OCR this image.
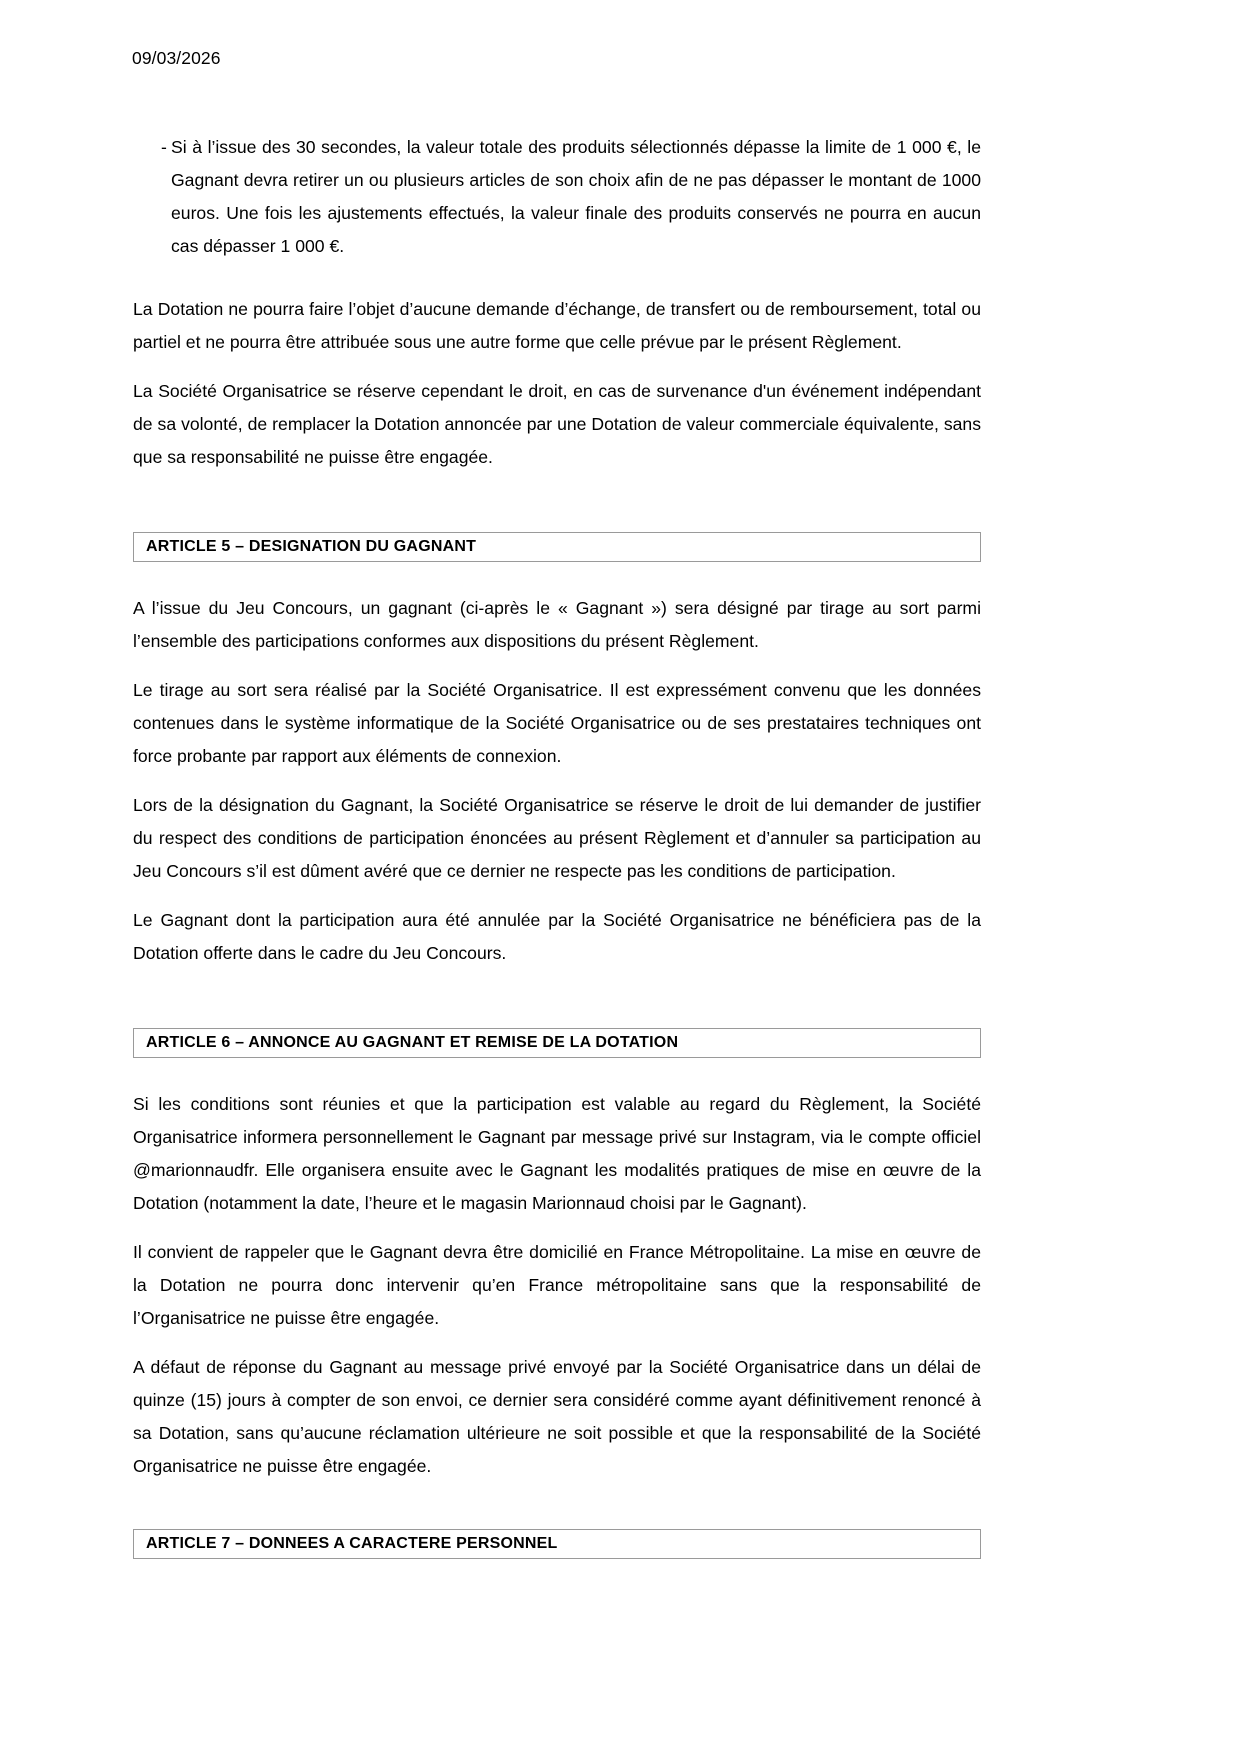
09/03/2026
- Si à l’issue des 30 secondes, la valeur totale des produits sélectionnés dépasse la limite de 1 000 €, le Gagnant devra retirer un ou plusieurs articles de son choix afin de ne pas dépasser le montant de 1000 euros. Une fois les ajustements effectués, la valeur finale des produits conservés ne pourra en aucun cas dépasser 1 000 €.

La Dotation ne pourra faire l’objet d’aucune demande d’échange, de transfert ou de remboursement, total ou partiel et ne pourra être attribuée sous une autre forme que celle prévue par le présent Règlement.

La Société Organisatrice se réserve cependant le droit, en cas de survenance d'un événement indépendant de sa volonté, de remplacer la Dotation annoncée par une Dotation de valeur commerciale équivalente, sans que sa responsabilité ne puisse être engagée.

ARTICLE 5 – DESIGNATION DU GAGNANT

A l’issue du Jeu Concours, un gagnant (ci-après le « Gagnant ») sera désigné par tirage au sort parmi l’ensemble des participations conformes aux dispositions du présent Règlement.

Le tirage au sort sera réalisé par la Société Organisatrice. Il est expressément convenu que les données contenues dans le système informatique de la Société Organisatrice ou de ses prestataires techniques ont force probante par rapport aux éléments de connexion.

Lors de la désignation du Gagnant, la Société Organisatrice se réserve le droit de lui demander de justifier du respect des conditions de participation énoncées au présent Règlement et d’annuler sa participation au Jeu Concours s’il est dûment avéré que ce dernier ne respecte pas les conditions de participation.

Le Gagnant dont la participation aura été annulée par la Société Organisatrice ne bénéficiera pas de la Dotation offerte dans le cadre du Jeu Concours.

ARTICLE 6 – ANNONCE AU GAGNANT ET REMISE DE LA DOTATION

Si les conditions sont réunies et que la participation est valable au regard du Règlement, la Société Organisatrice informera personnellement le Gagnant par message privé sur Instagram, via le compte officiel @marionnaudfr. Elle organisera ensuite avec le Gagnant les modalités pratiques de mise en œuvre de la Dotation (notamment la date, l’heure et le magasin Marionnaud choisi par le Gagnant).

Il convient de rappeler que le Gagnant devra être domicilié en France Métropolitaine. La mise en œuvre de la Dotation ne pourra donc intervenir qu’en France métropolitaine sans que la responsabilité de l’Organisatrice ne puisse être engagée.

A défaut de réponse du Gagnant au message privé envoyé par la Société Organisatrice dans un délai de quinze (15) jours à compter de son envoi, ce dernier sera considéré comme ayant définitivement renoncé à sa Dotation, sans qu’aucune réclamation ultérieure ne soit possible et que la responsabilité de la Société Organisatrice ne puisse être engagée.

ARTICLE 7 – DONNEES A CARACTERE PERSONNEL
